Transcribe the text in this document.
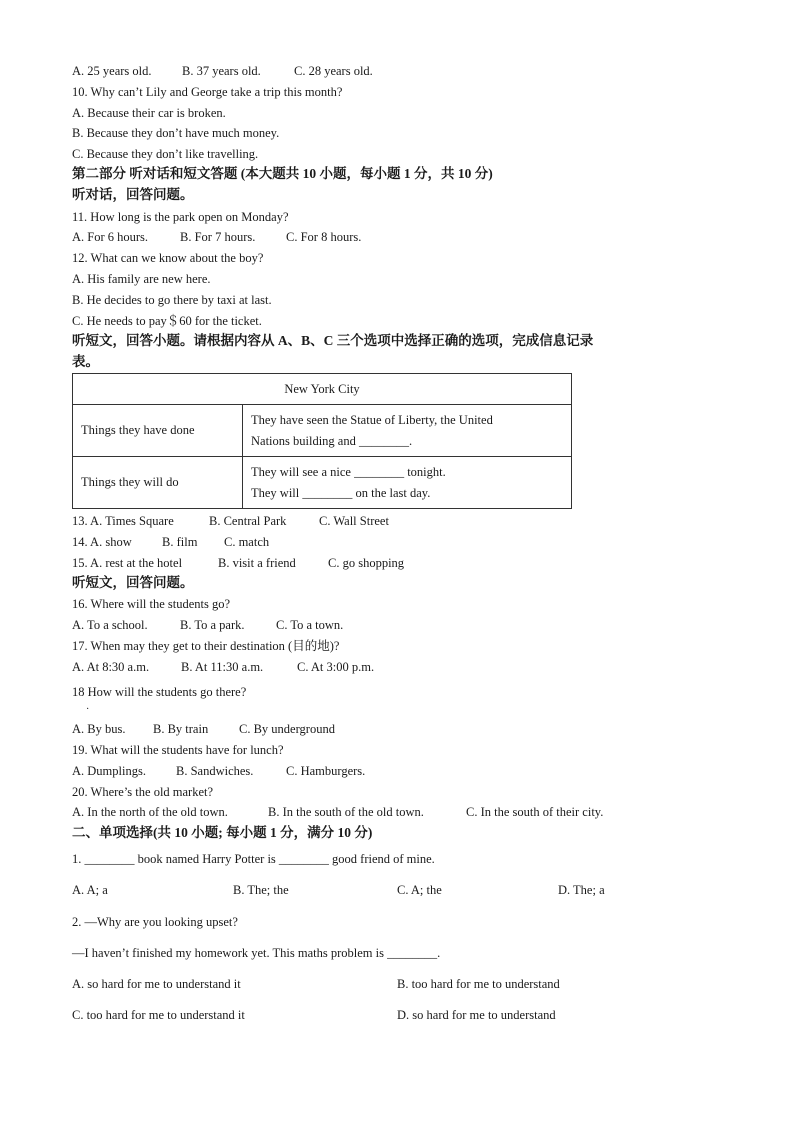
A. 25 years old. B. 37 years old.	C. 28 years old.

10. Why can’t Lily and George take a trip this month?

A. Because their car is broken.

B. Because they don’t have much money.

C. Because they don’t like travelling.

第二部分 听对话和短文答题 (本大题共 10 小题，每小题 1 分，共 10 分)

听对话，回答问题。

11. How long is the park open on Monday?

A. For 6 hours.	B. For 7 hours. C. For 8 hours.

12. What can we know about the boy?

A. His family are new here.

B. He decides to go there by taxi at last.

C. He needs to pay＄60 for the ticket.

听短文，回答小题。请根据内容从 A、B、C 三个选项中选择正确的选项，完成信息记录

表。

New York City	
Things they have done	They have seen the Statue of Liberty, the United
Nations building and ________.

Things they will do	They will see a nice ________ tonight.
They will ________ on the last day.
13. A. Times Square	B. Central Park	C. Wall Street
14. A. show B. film C. match
15. A. rest at the hotel	B. visit a friend	C. go shopping

听短文，回答问题。

16. Where will the students go?

A. To a school.	B. To a park.	C. To a town.

17. When may they get to their destination (目的地)?

A. At 8:30 a.m.	B. At 11:30 a.m.	C. At 3:00 p.m.

18 How will the students go there?

·
A. By bus. B. By train C. By underground

19. What will the students have for lunch?

A. Dumplings. B. Sandwiches.	C. Hamburgers.

20. Where’s the old market?

A. In the north of the old town.	B. In the south of the old town.	C. In the south of their city.

二、单项选择(共 10 小题; 每小题 1 分，满分 10 分)

1. ________ book named Harry Potter is ________ good friend of mine.

A. A; a	B. The; the	C. A; the	D. The; a

2. —Why are you looking upset?

—I haven’t finished my homework yet. This maths problem is ________.

A. so hard for me to understand it	B. too hard for me to understand
C. too hard for me to understand it	D. so hard for me to understand
